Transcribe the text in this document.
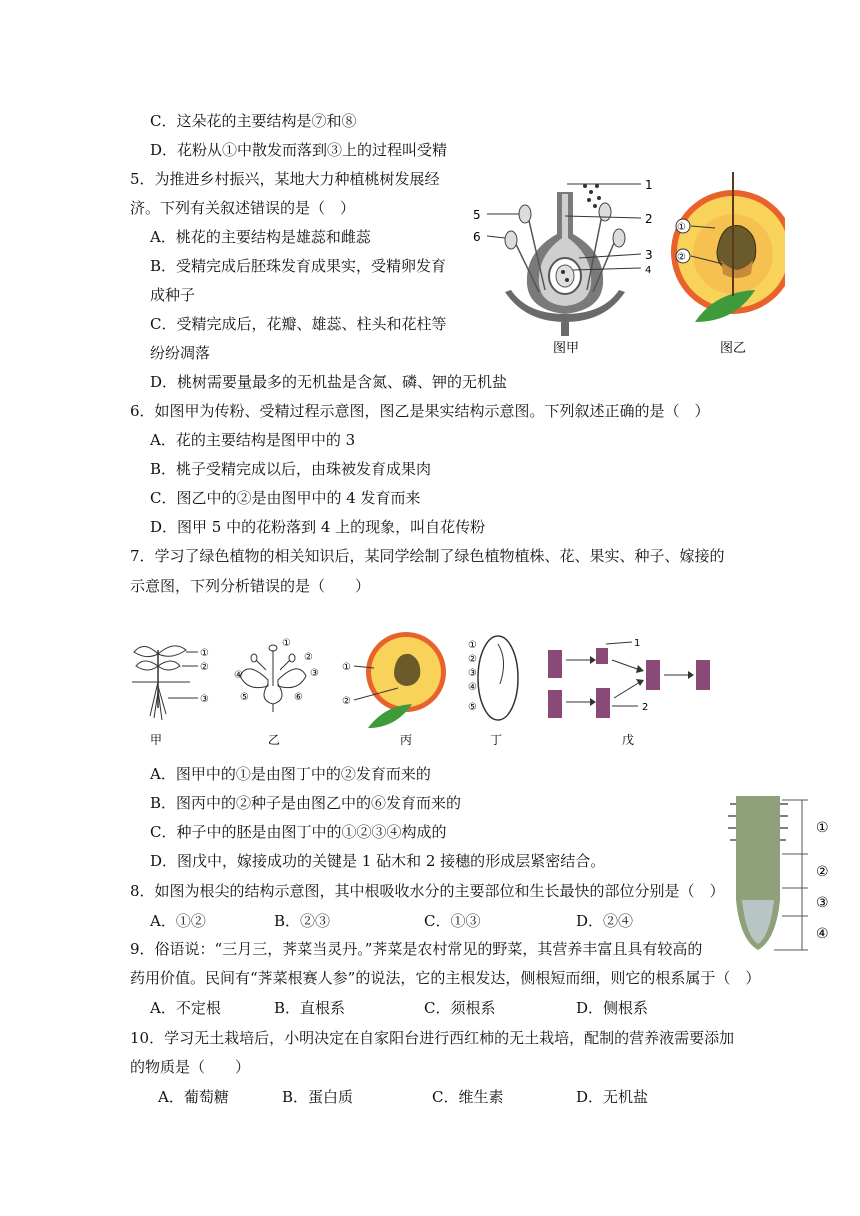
C．这朵花的主要结构是⑦和⑧
D．花粉从①中散发而落到③上的过程叫受精
5．为推进乡村振兴，某地大力种植桃树发展经
济。下列有关叙述错误的是（　）
A．桃花的主要结构是雄蕊和雌蕊
B．受精完成后胚珠发育成果实，受精卵发育
成种子
C．受精完成后，花瓣、雄蕊、柱头和花柱等
纷纷凋落
D．桃树需要量最多的无机盐是含氮、磷、钾的无机盐
1
2
3
4
5
6
图甲
①
②
图乙
6．如图甲为传粉、受精过程示意图，图乙是果实结构示意图。下列叙述正确的是（　）
A．花的主要结构是图甲中的 3
B．桃子受精完成以后，由珠被发育成果肉
C．图乙中的②是由图甲中的 4 发育而来
D．图甲 5 中的花粉落到 4 上的现象，叫自花传粉
7．学习了绿色植物的相关知识后，某同学绘制了绿色植物植株、花、果实、种子、嫁接的
示意图，下列分析错误的是（　　）
①
②
③
甲
④
①
②
③
⑤	⑥
乙
①
②
丙
①
②
③
④
⑤
丁
1
2
戊
A．图甲中的①是由图丁中的②发育而来的
B．图丙中的②种子是由图乙中的⑥发育而来的
C．种子中的胚是由图丁中的①②③④构成的
D．图戊中，嫁接成功的关键是 1 砧木和 2 接穗的形成层紧密结合。
①
②
③
④
8．如图为根尖的结构示意图，其中根吸收水分的主要部位和生长最快的部位分别是（　）
A．①②	B．②③	C．①③	D．②④
9．俗语说：“三月三，荠菜当灵丹。”荠菜是农村常见的野菜，其营养丰富且具有较高的
药用价值。民间有“荠菜根赛人参”的说法，它的主根发达，侧根短而细，则它的根系属于（　）
A．不定根	B．直根系	C．须根系	D．侧根系
10．学习无土栽培后，小明决定在自家阳台进行西红柿的无土栽培，配制的营养液需要添加
的物质是（　　）
A．葡萄糖	B．蛋白质	C．维生素	D．无机盐
